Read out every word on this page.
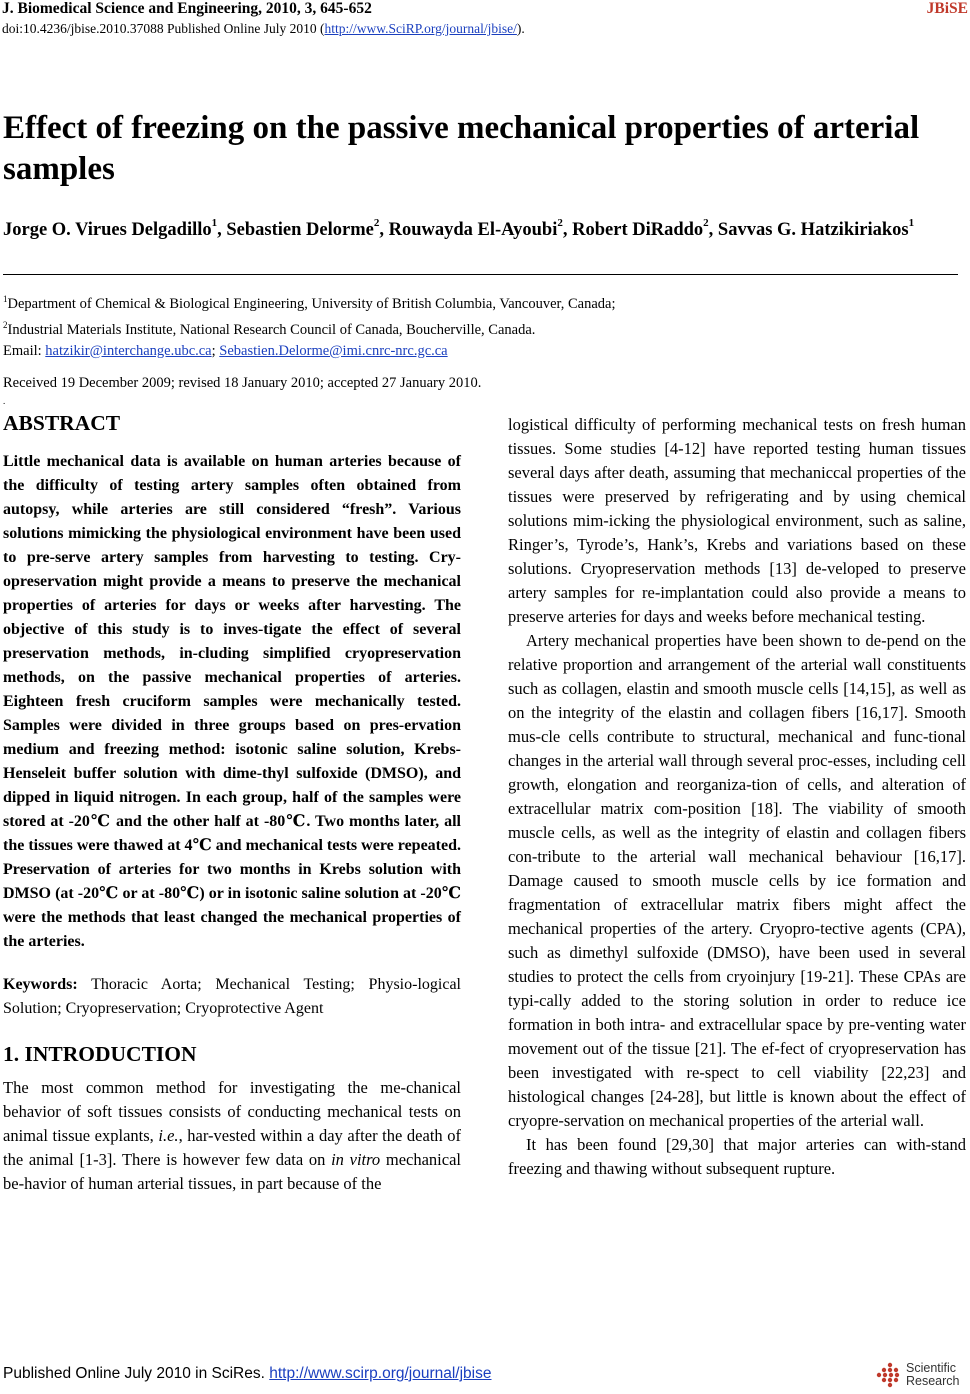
J. Biomedical Science and Engineering, 2010, 3, 645-652	JBiSE
doi:10.4236/jbise.2010.37088 Published Online July 2010 (http://www.SciRP.org/journal/jbise/).
Effect of freezing on the passive mechanical properties of arterial samples
Jorge O. Virues Delgadillo$^1$, Sebastien Delorme$^2$, Rouwayda El-Ayoubi$^2$, Robert DiRaddo$^2$, Savvas G. Hatzikiriakos$^1$
$^1$Department of Chemical & Biological Engineering, University of British Columbia, Vancouver, Canada;
$^2$Industrial Materials Institute, National Research Council of Canada, Boucherville, Canada.
Email: hatzikir@interchange.ubc.ca; Sebastien.Delorme@imi.cnrc-nrc.gc.ca
Received 19 December 2009; revised 18 January 2010; accepted 27 January 2010.
.
ABSTRACT

Little mechanical data is available on human arteries because of the difficulty of testing artery samples often obtained from autopsy, while arteries are still considered “fresh”. Various solutions mimicking the physiological environment have been used to pre-serve artery samples from harvesting to testing. Cry-opreservation might provide a means to preserve the mechanical properties of arteries for days or weeks after harvesting. The objective of this study is to inves-tigate the effect of several preservation methods, in-cluding simplified cryopreservation methods, on the passive mechanical properties of arteries. Eighteen fresh cruciform samples were mechanically tested. Samples were divided in three groups based on pres-ervation medium and freezing method: isotonic saline solution, Krebs-Henseleit buffer solution with dime-thyl sulfoxide (DMSO), and dipped in liquid nitrogen. In each group, half of the samples were stored at -20℃ and the other half at -80℃. Two months later, all the tissues were thawed at 4℃ and mechanical tests were repeated. Preservation of arteries for two months in Krebs solution with DMSO (at -20℃ or at -80℃) or in isotonic saline solution at -20℃ were the methods that least changed the mechanical properties of the arteries.

Keywords: Thoracic Aorta; Mechanical Testing; Physio-logical Solution; Cryopreservation; Cryoprotective Agent

1. INTRODUCTION

The most common method for investigating the me-chanical behavior of soft tissues consists of conducting mechanical tests on animal tissue explants, i.e., har-vested within a day after the death of the animal [1-3]. There is however few data on in vitro mechanical be-havior of human arterial tissues, in part because of the

logistical difficulty of performing mechanical tests on fresh human tissues. Some studies [4-12] have reported testing human tissues several days after death, assuming that mechaniccal properties of the tissues were preserved by refrigerating and by using chemical solutions mim-icking the physiological environment, such as saline, Ringer’s, Tyrode’s, Hank’s, Krebs and variations based on these solutions. Cryopreservation methods [13] de-veloped to preserve artery samples for re-implantation could also provide a means to preserve arteries for days and weeks before mechanical testing.

Artery mechanical properties have been shown to de-pend on the relative proportion and arrangement of the arterial wall constituents such as collagen, elastin and smooth muscle cells [14,15], as well as on the integrity of the elastin and collagen fibers [16,17]. Smooth mus-cle cells contribute to structural, mechanical and func-tional changes in the arterial wall through several proc-esses, including cell growth, elongation and reorganiza-tion of cells, and alteration of extracellular matrix com-position [18]. The viability of smooth muscle cells, as well as the integrity of elastin and collagen fibers con-tribute to the arterial wall mechanical behaviour [16,17]. Damage caused to smooth muscle cells by ice formation and fragmentation of extracellular matrix fibers might affect the mechanical properties of the artery. Cryopro-tective agents (CPA), such as dimethyl sulfoxide (DMSO), have been used in several studies to protect the cells from cryoinjury [19-21]. These CPAs are typi-cally added to the storing solution in order to reduce ice formation in both intra- and extracellular space by pre-venting water movement out of the tissue [21]. The ef-fect of cryopreservation has been investigated with re-spect to cell viability [22,23] and histological changes [24-28], but little is known about the effect of cryopre-servation on mechanical properties of the arterial wall.

It has been found [29,30] that major arteries can with-stand freezing and thawing without subsequent rupture.

Published Online July 2010 in SciRes. http://www.scirp.org/journal/jbise	Scientific
Research
